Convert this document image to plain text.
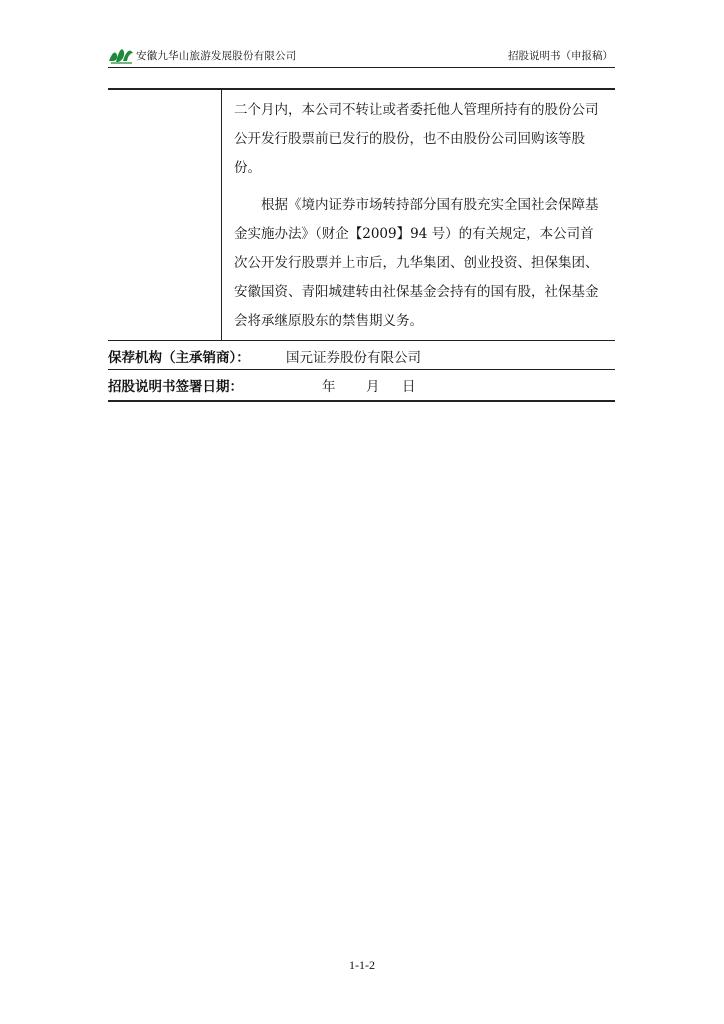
安徽九华山旅游发展股份有限公司	招股说明书（申报稿）

二个月内，本公司不转让或者委托他人管理所持有的股份公司公开发行股票前已发行的股份，也不由股份公司回购该等股份。

根据《境内证券市场转持部分国有股充实全国社会保障基金实施办法》（财企【2009】94 号）的有关规定，本公司首次公开发行股票并上市后，九华集团、创业投资、担保集团、安徽国资、青阳城建转由社保基金会持有的国有股，社保基金会将承继原股东的禁售期义务。

保荐机构（主承销商）：	国元证券股份有限公司
招股说明书签署日期：	年 月 日
1-1-2
